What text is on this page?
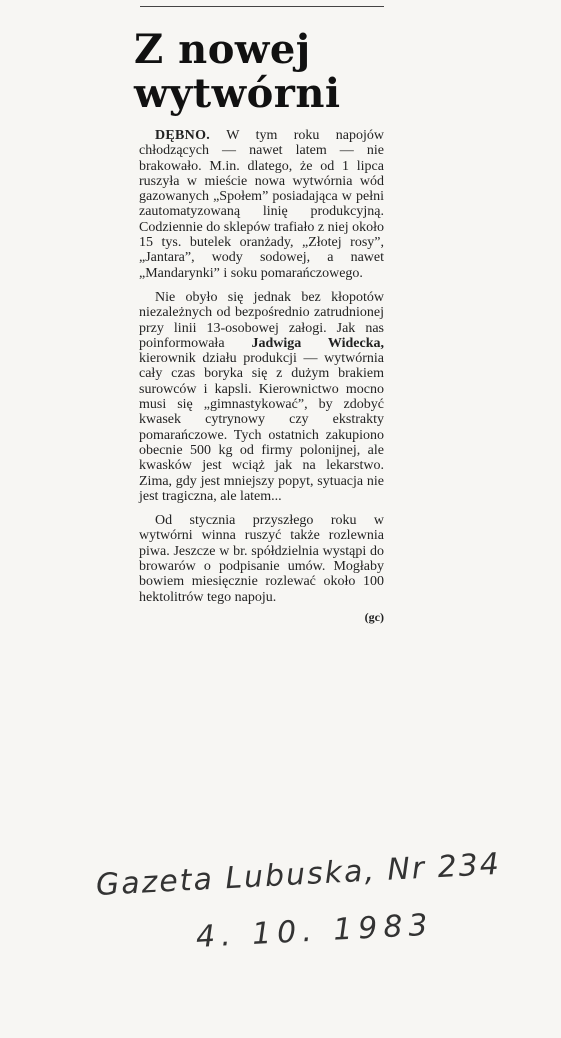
Z nowej
wytwórni

DĘBNO. W tym roku napojów chłodzących — nawet latem — nie brakowało. M.in. dlatego, że od 1 lipca ruszyła w mieście nowa wytwórnia wód gazowanych „Społem” posiadająca w pełni zautomatyzowaną linię produkcyjną. Codziennie do sklepów trafiało z niej około 15 tys. butelek oranżady, „Złotej rosy”, „Jantara”, wody sodowej, a nawet „Mandarynki” i soku pomarańczowego.

Nie obyło się jednak bez kłopotów niezależnych od bezpośrednio zatrudnionej przy linii 13-osobowej załogi. Jak nas poinformowała Jadwiga Widecka, kierownik działu produkcji — wytwórnia cały czas boryka się z dużym brakiem surowców i kapsli. Kierownictwo mocno musi się „gimnastykować”, by zdobyć kwasek cytrynowy czy ekstrakty pomarańczowe. Tych ostatnich zakupiono obecnie 500 kg od firmy polonijnej, ale kwasków jest wciąż jak na lekarstwo. Zima, gdy jest mniejszy popyt, sytuacja nie jest tragiczna, ale latem...

Od stycznia przyszłego roku w wytwórni winna ruszyć także rozlewnia piwa. Jeszcze w br. spółdzielnia wystąpi do browarów o podpisanie umów. Mogłaby bowiem miesięcznie rozlewać około 100 hektolitrów tego napoju.

(gc)
Gazeta Lubuska, Nr 234
4. 10. 1983
